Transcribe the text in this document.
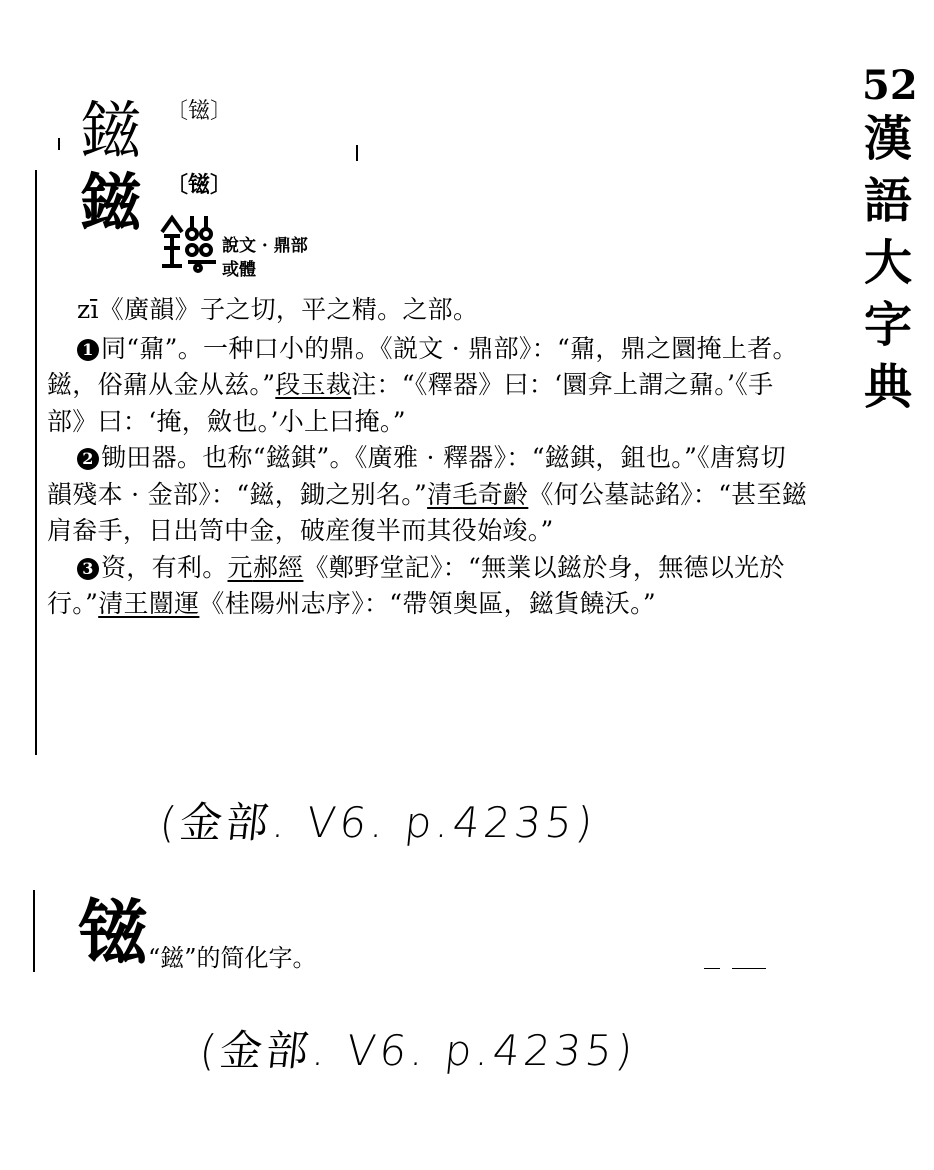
52
漢
語
大
字
典
鎡 〔镃〕
鎡 〔镃〕
說文 · 鼎部
或體

zī《廣韻》子之切，平之精。之部。

1 同“鼐”。一种口小的鼎。《説文 · 鼎部》：“鼐，鼎之圜掩上者。鎡，俗鼐从金从兹。”段玉裁注：“《釋器》曰：‘圜弇上謂之鼐。’《手部》曰：‘掩，斂也。’小上曰掩。”

2 锄田器。也称“鎡錤”。《廣雅 · 釋器》：“鎡錤，鉏也。”《唐寫切韻殘本 · 金部》：“鎡，鋤之别名。”清毛奇齡《何公墓誌銘》：“甚至鎡肩畚手，日出笥中金，破産復半而其役始竣。”

3 资，有利。元郝經《鄭野堂記》：“無業以鎡於身，無德以光於行。”清王闓運《桂陽州志序》：“帶領奥區，鎡貨饒沃。”

(金部. V6. p.4235)
镃 “鎡”的简化字。
(金部. V6. p.4235)
